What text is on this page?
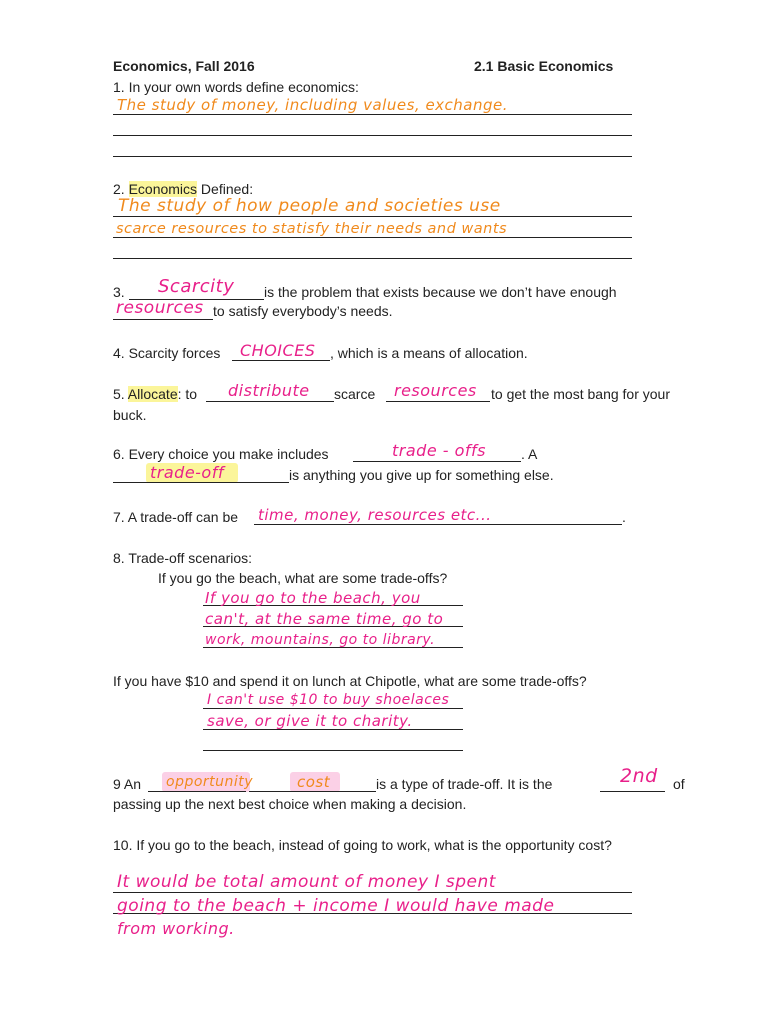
Economics, Fall 2016	2.1 Basic Economics
1. In your own words define economics:
The study of money, including values, exchange.
2. Economics Defined:
The study of how people and societies use
scarce resources to statisfy their needs and wants
3.	is the problem that exists because we don’t have enough
Scarcity
to satisfy everybody’s needs.
resources
4. Scarcity forces	, which is a means of allocation.
CHOICES
5. Allocate: to	scarce	to get the most bang for your
buck.
distribute	resources
6. Every choice you make includes	. A
trade - offs
is anything you give up for something else.
trade-off
7. A trade-off can be	.
time, money, resources etc...
8. Trade-off scenarios:
If you go the beach, what are some trade-offs?
If you go to the beach, you
can't, at the same time, go to
work, mountains, go to library.
If you have $10 and spend it on lunch at Chipotle, what are some trade-offs?
I can't use $10 to buy shoelaces
save, or give it to charity.
9 An	is a type of trade-off. It is the	of
passing up the next best choice when making a decision.
opportunity	cost	2nd
10. If you go to the beach, instead of going to work, what is the opportunity cost?
It would be total amount of money I spent
going to the beach + income I would have made
from working.
